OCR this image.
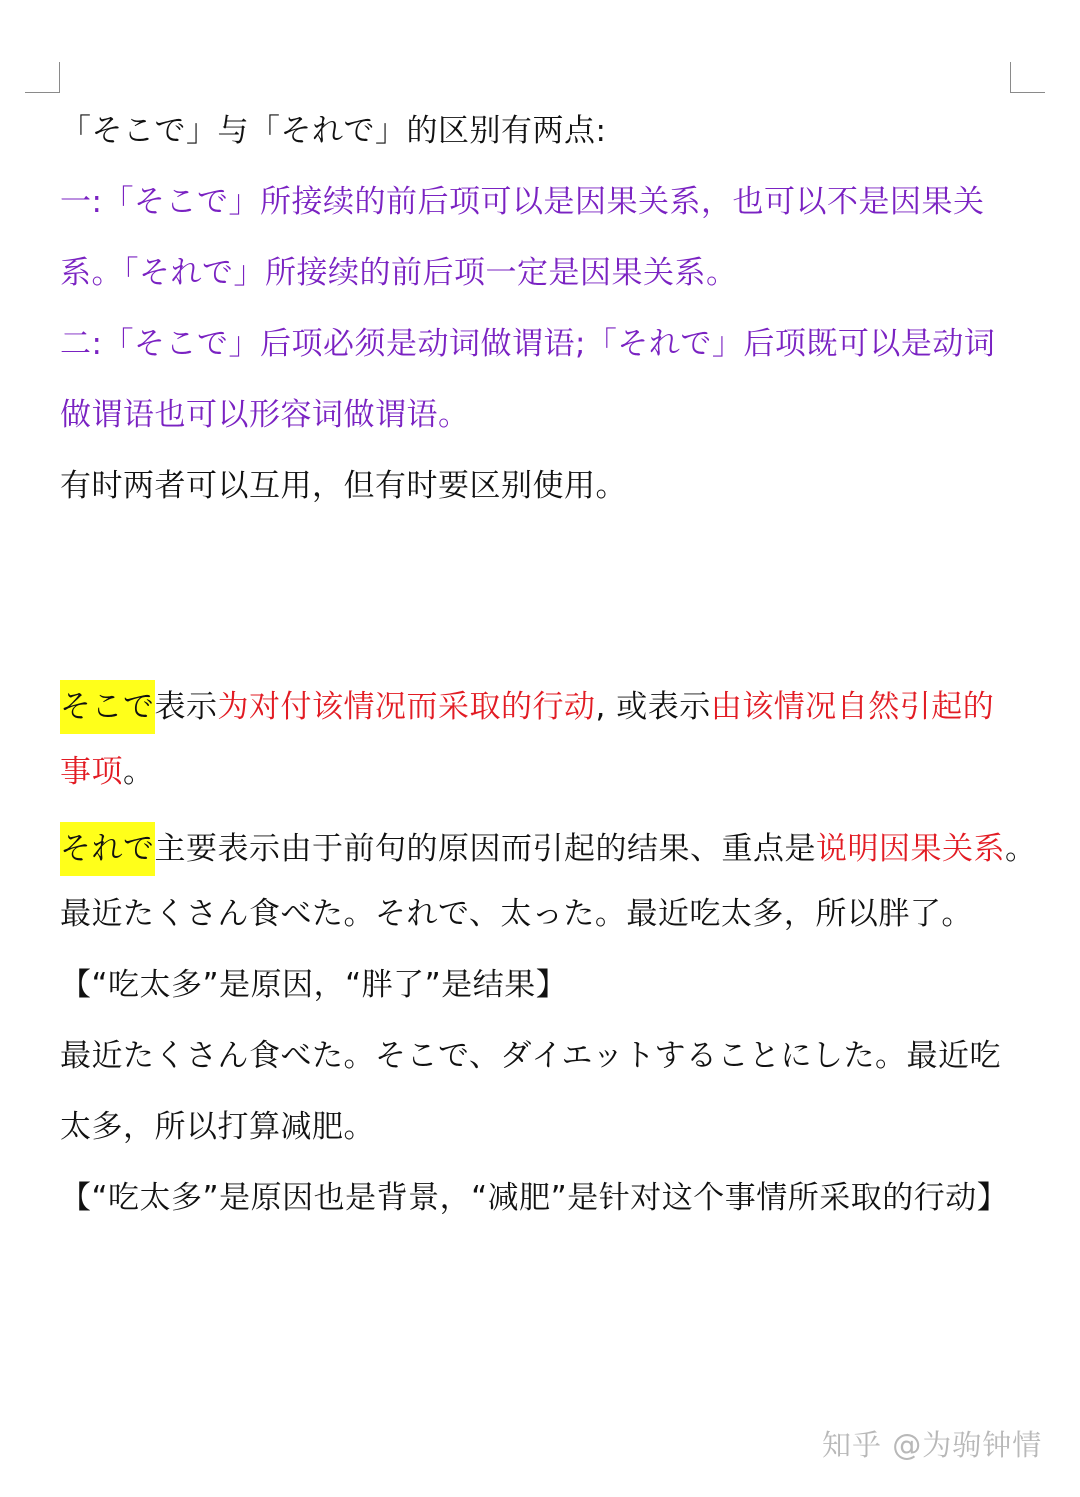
「そこで」与「それで」的区别有两点:
一:「そこで」所接续的前后项可以是因果关系，也可以不是因果关
系。「それで」所接续的前后项一定是因果关系。
二:「そこで」后项必须是动词做谓语;「それで」后项既可以是动词
做谓语也可以形容词做谓语。
有时两者可以互用，但有时要区别使用。
そこで表示为对付该情况而采取的行动, 或表示由该情况自然引起的
事项。
それで主要表示由于前句的原因而引起的结果、重点是说明因果关系。
最近たくさん食べた。それで、太った。最近吃太多，所以胖了。
【“吃太多”是原因，“胖了”是结果】
最近たくさん食べた。そこで、ダイエットすることにした。最近吃
太多，所以打算减肥。
【“吃太多”是原因也是背景，“减肥”是针对这个事情所采取的行动】
知乎 @为驹钟情
